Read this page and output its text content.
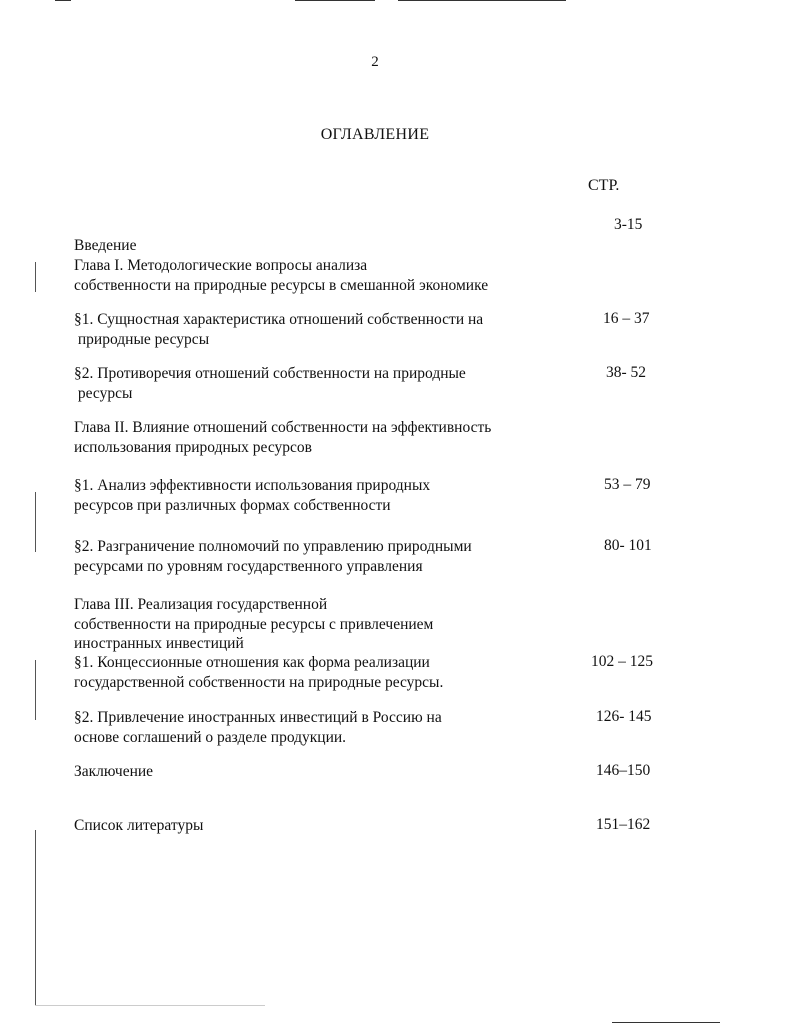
2
ОГЛАВЛЕНИЕ
СТР.
3-15
Введение
Глава I. Методологические вопросы анализа
собственности на природные ресурсы в смешанной экономике
§1. Сущностная характеристика отношений собственности на
природные ресурсы
16 – 37
§2. Противоречия отношений собственности на природные
ресурсы
38- 52
Глава II. Влияние отношений собственности на эффективность
использования природных ресурсов
§1. Анализ эффективности использования природных
ресурсов при различных формах собственности
53 – 79
§2. Разграничение полномочий по управлению природными
ресурсами по уровням государственного управления
80- 101
Глава III. Реализация государственной
собственности на природные ресурсы с привлечением
иностранных инвестиций
§1. Концессионные отношения как форма реализации
государственной собственности на природные ресурсы.
102 – 125
§2. Привлечение иностранных инвестиций в Россию на
основе соглашений о разделе продукции.
126- 145
Заключение	146–150
Список литературы	151–162
